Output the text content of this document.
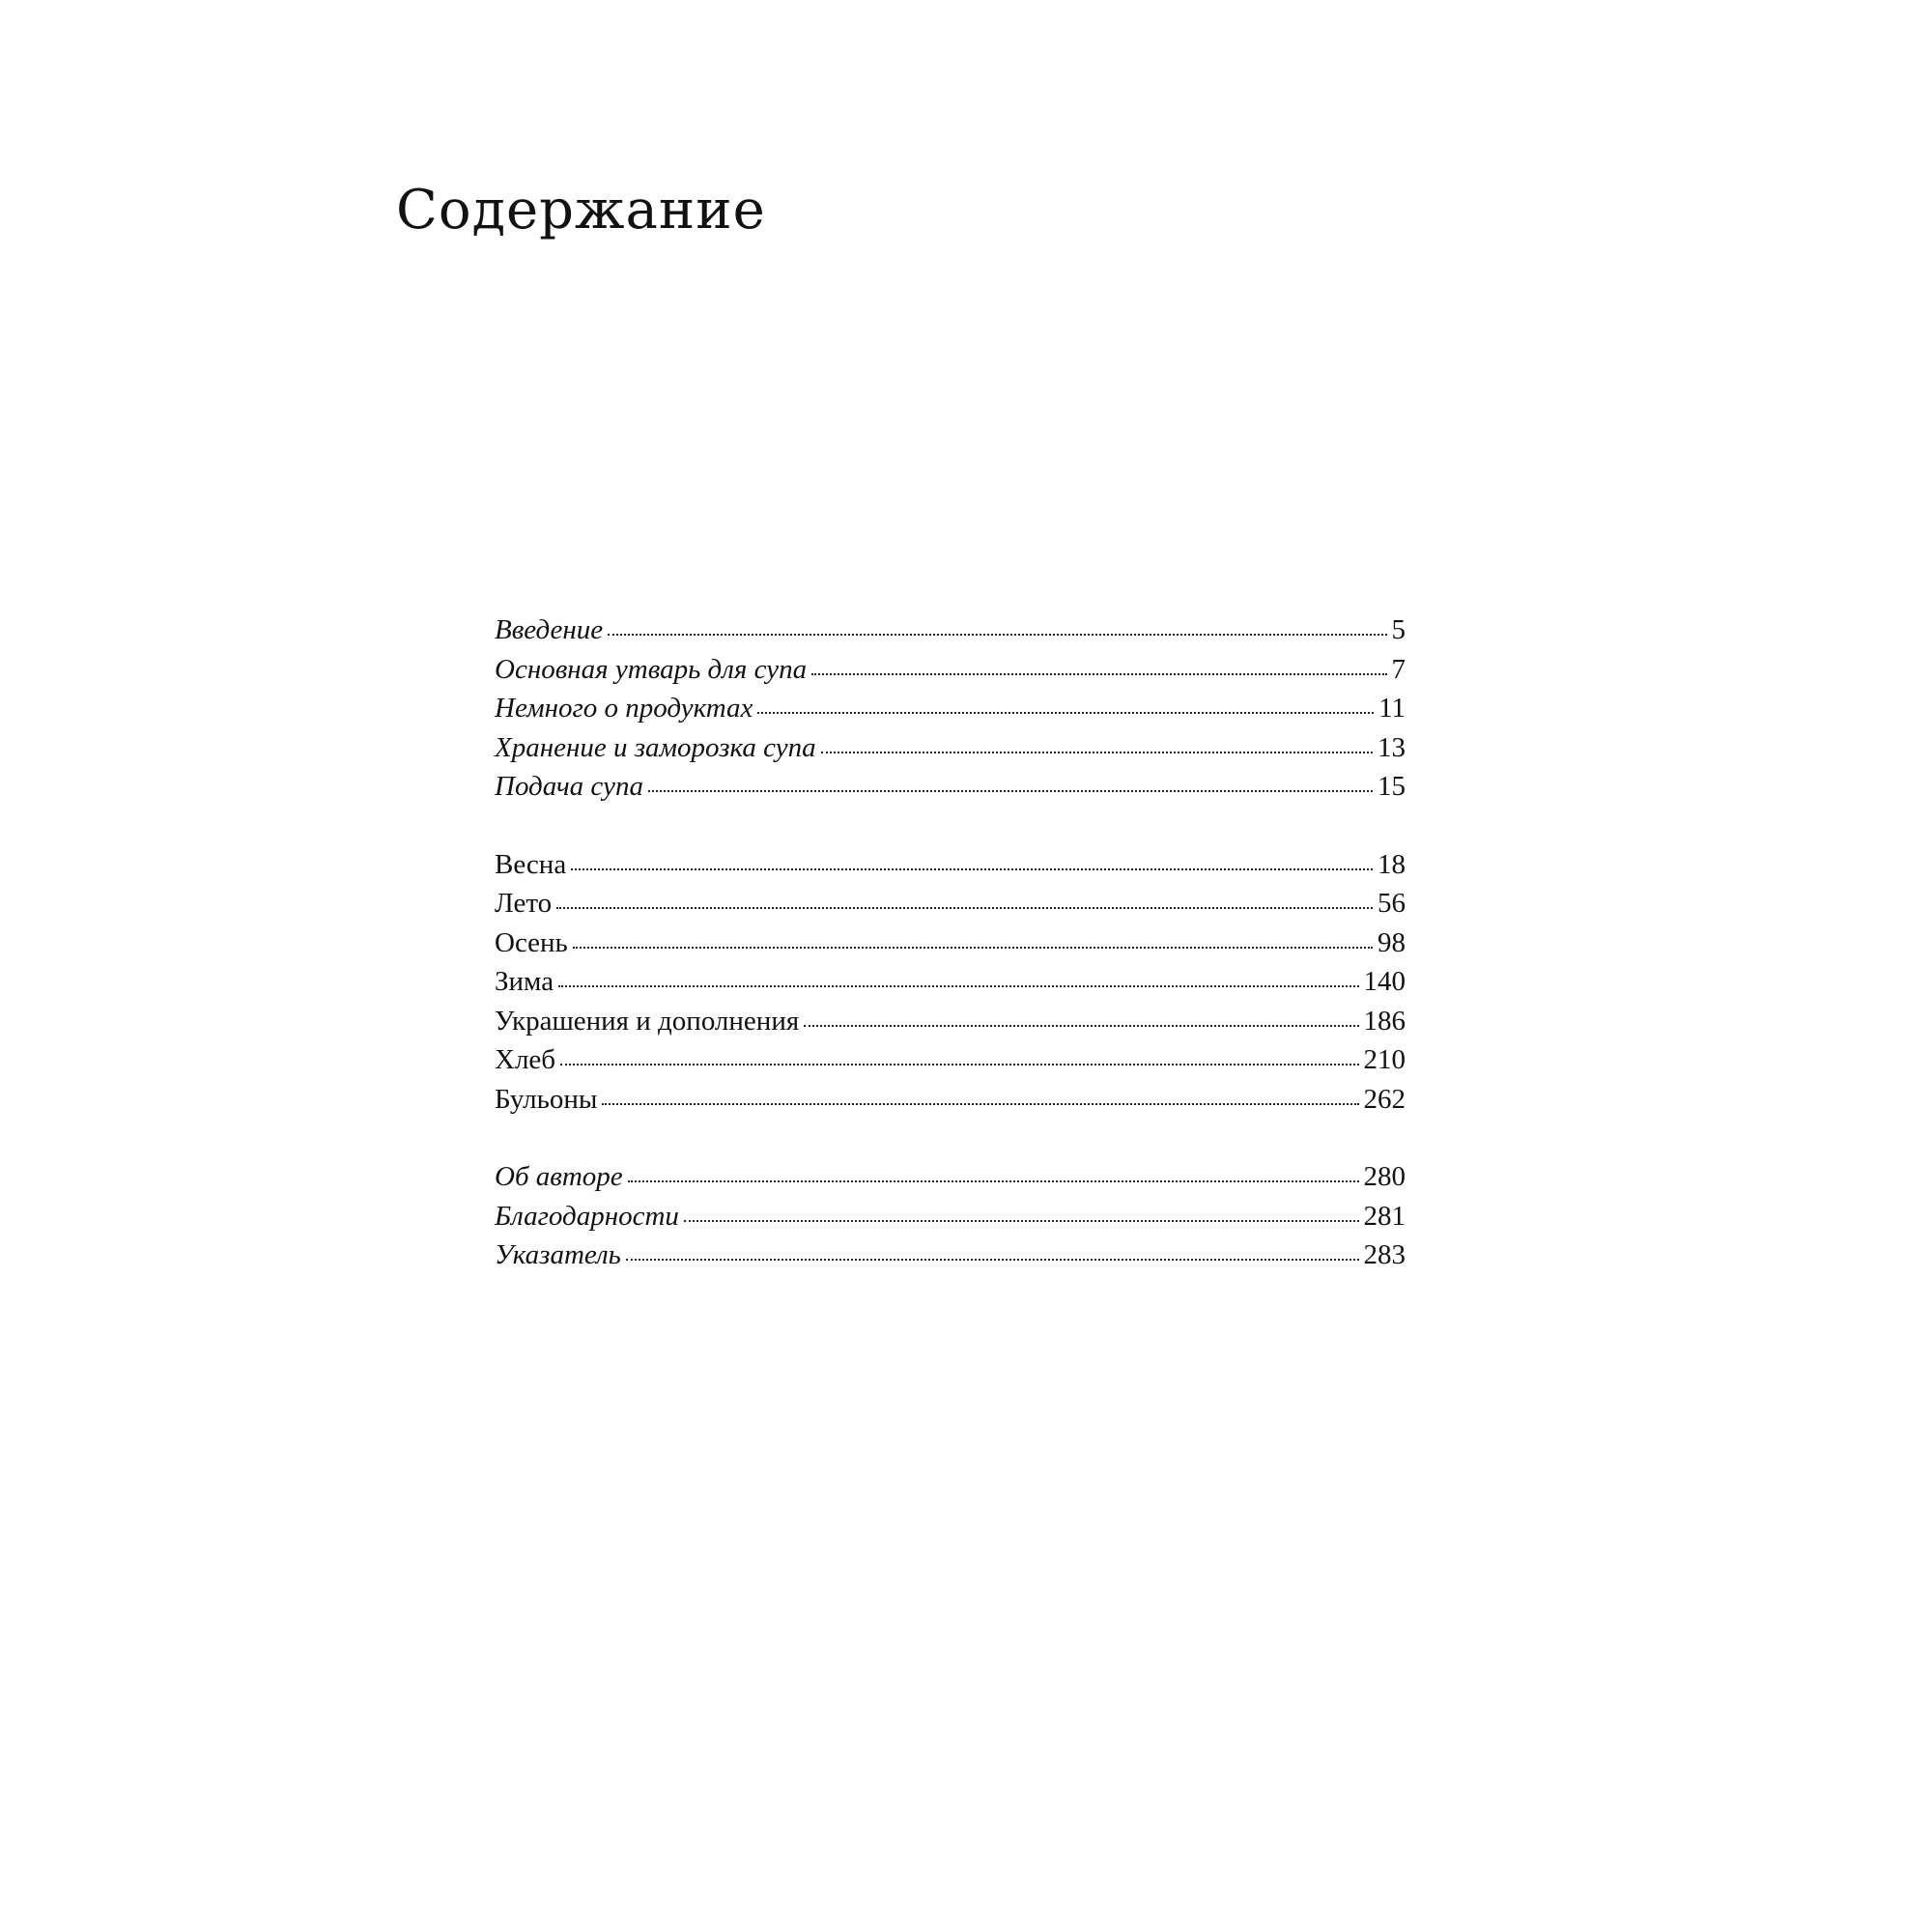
Содержание
Введение	5
Основная утварь для супа	7
Немного о продуктах	11
Хранение и заморозка супа	13
Подача супа	15
Весна	18
Лето	56
Осень	98
Зима	140
Украшения и дополнения	186
Хлеб	210
Бульоны	262
Об авторе	280
Благодарности	281
Указатель	283
